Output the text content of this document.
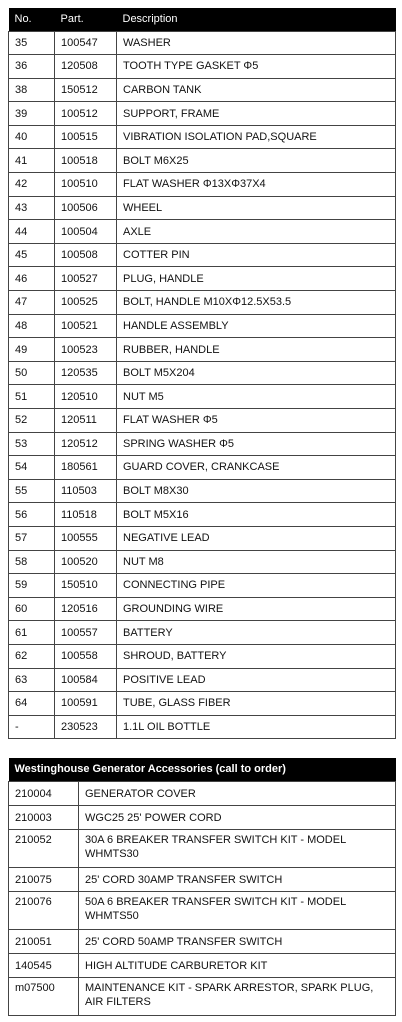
No.	Part.	Description
35	100547	WASHER
36	120508	TOOTH TYPE GASKET Φ5
38	150512	CARBON TANK
39	100512	SUPPORT, FRAME
40	100515	VIBRATION ISOLATION PAD,SQUARE
41	100518	BOLT M6X25
42	100510	FLAT WASHER Φ13XΦ37X4
43	100506	WHEEL
44	100504	AXLE
45	100508	COTTER PIN
46	100527	PLUG, HANDLE
47	100525	BOLT, HANDLE M10XΦ12.5X53.5
48	100521	HANDLE ASSEMBLY
49	100523	RUBBER, HANDLE
50	120535	BOLT M5X204
51	120510	NUT M5
52	120511	FLAT WASHER Φ5
53	120512	SPRING WASHER Φ5
54	180561	GUARD COVER, CRANKCASE
55	110503	BOLT M8X30
56	110518	BOLT M5X16
57	100555	NEGATIVE LEAD
58	100520	NUT M8
59	150510	CONNECTING PIPE
60	120516	GROUNDING WIRE
61	100557	BATTERY
62	100558	SHROUD, BATTERY
63	100584	POSITIVE LEAD
64	100591	TUBE, GLASS FIBER
-	230523	1.1L OIL BOTTLE
Westinghouse Generator Accessories (call to order)	
210004	GENERATOR COVER
210003	WGC25 25' POWER CORD
210052	30A 6 BREAKER TRANSFER SWITCH KIT - MODEL WHMTS30
210075	25' CORD 30AMP TRANSFER SWITCH
210076	50A 6 BREAKER TRANSFER SWITCH KIT - MODEL WHMTS50
210051	25' CORD 50AMP TRANSFER SWITCH
140545	HIGH ALTITUDE CARBURETOR KIT
m07500	MAINTENANCE KIT - SPARK ARRESTOR, SPARK PLUG, AIR FILTERS
